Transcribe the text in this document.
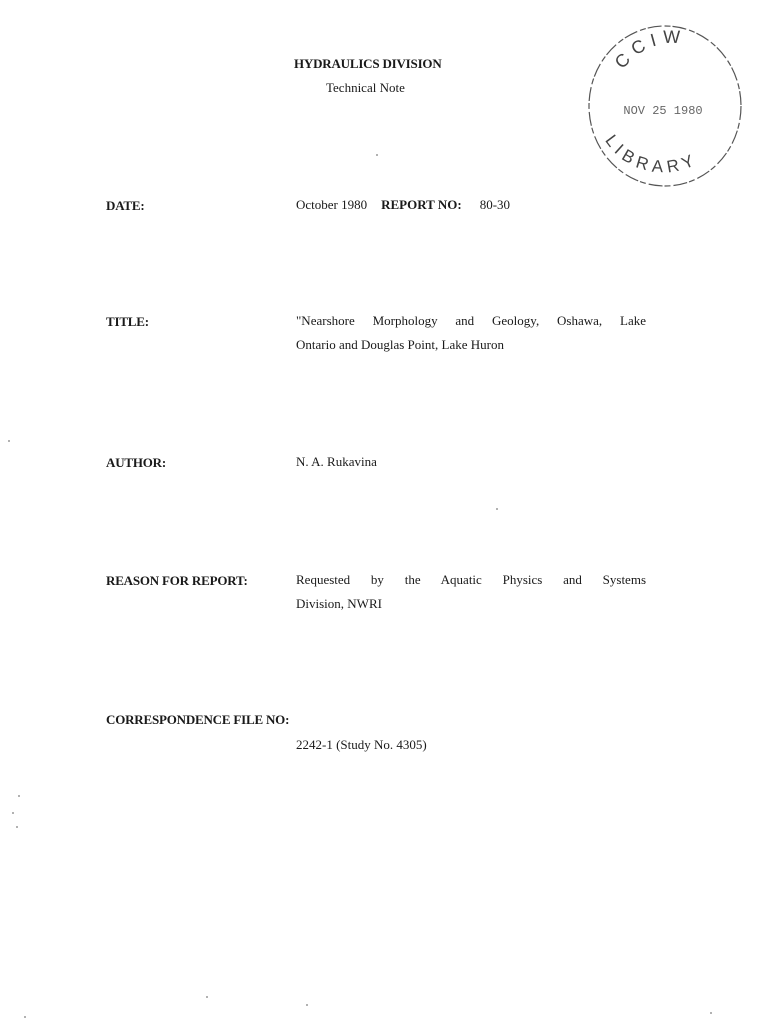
HYDRAULICS DIVISION
Technical Note
CCIW
NOV 25 1980
LIBRARY
DATE:	October 1980 REPORT NO: 80-30
TITLE:	"Nearshore Morphology and Geology, Oshawa, Lake
Ontario and Douglas Point, Lake Huron
AUTHOR:	N. A. Rukavina
REASON FOR REPORT:	Requested by the Aquatic Physics and Systems
Division, NWRI
CORRESPONDENCE FILE NO:
2242-1 (Study No. 4305)
